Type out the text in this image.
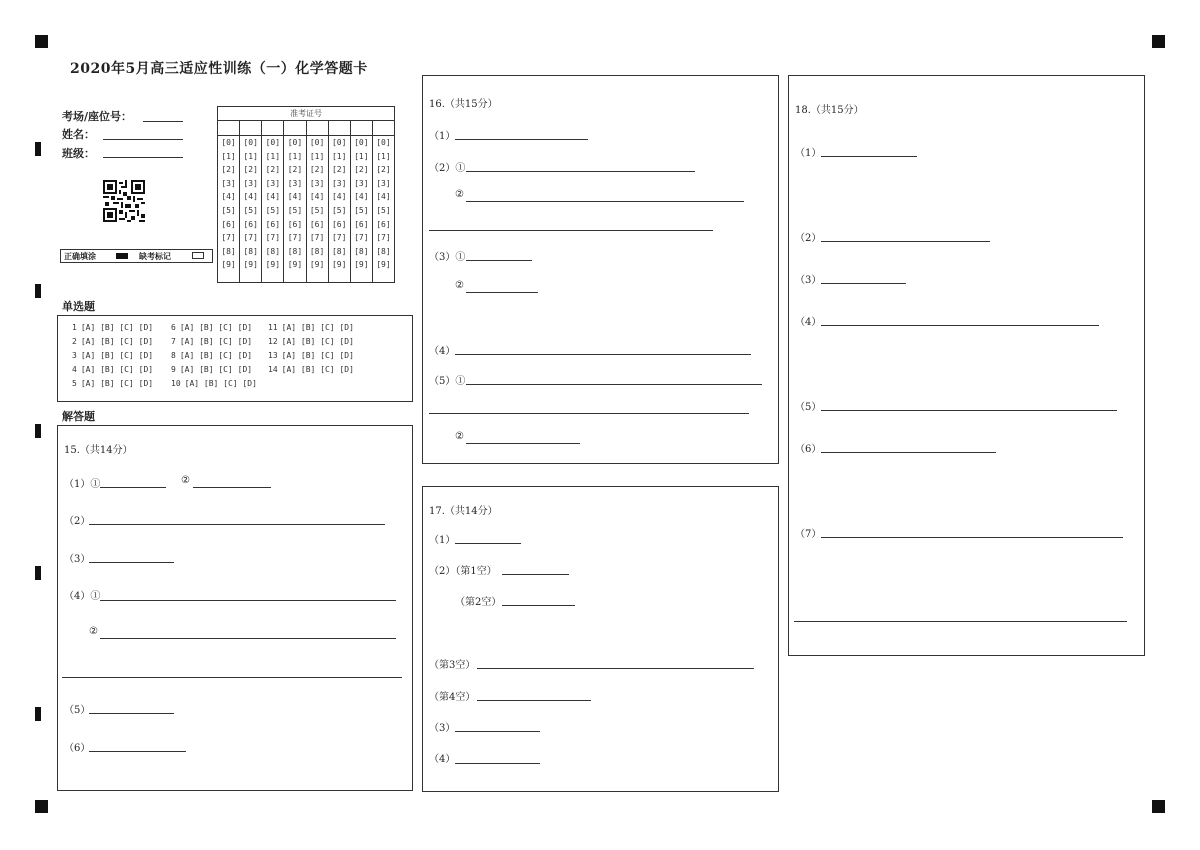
2020年5月高三适应性训练（一）化学答题卡
考场/座位号：
姓名：
班级：
准考证号
[0]
[1]
[2]
[3]
[4]
[5]
[6]
[7]
[8]
[9]
[0]
[1]
[2]
[3]
[4]
[5]
[6]
[7]
[8]
[9]
[0]
[1]
[2]
[3]
[4]
[5]
[6]
[7]
[8]
[9]
[0]
[1]
[2]
[3]
[4]
[5]
[6]
[7]
[8]
[9]
[0]
[1]
[2]
[3]
[4]
[5]
[6]
[7]
[8]
[9]
[0]
[1]
[2]
[3]
[4]
[5]
[6]
[7]
[8]
[9]
[0]
[1]
[2]
[3]
[4]
[5]
[6]
[7]
[8]
[9]
[0]
[1]
[2]
[3]
[4]
[5]
[6]
[7]
[8]
[9]
正确填涂	缺考标记
单选题
1 [A] [B] [C] [D]
2 [A] [B] [C] [D]
3 [A] [B] [C] [D]
4 [A] [B] [C] [D]
5 [A] [B] [C] [D]
6 [A] [B] [C] [D]
7 [A] [B] [C] [D]
8 [A] [B] [C] [D]
9 [A] [B] [C] [D]
10 [A] [B] [C] [D]
11 [A] [B] [C] [D]
12 [A] [B] [C] [D]
13 [A] [B] [C] [D]
14 [A] [B] [C] [D]
解答题
15.（共14分）
（1）①	②
（2）
（3）
（4）①
②
（5）
（6）
16.（共15分）
（1）
（2）①
②
（3）①
②
（4）
（5）①
②
17.（共14分）
（1）
（2）（第1空）
（第2空）
（第3空）
（第4空）
（3）
（4）
18.（共15分）
（1）
（2）
（3）
（4）
（5）
（6）
（7）
